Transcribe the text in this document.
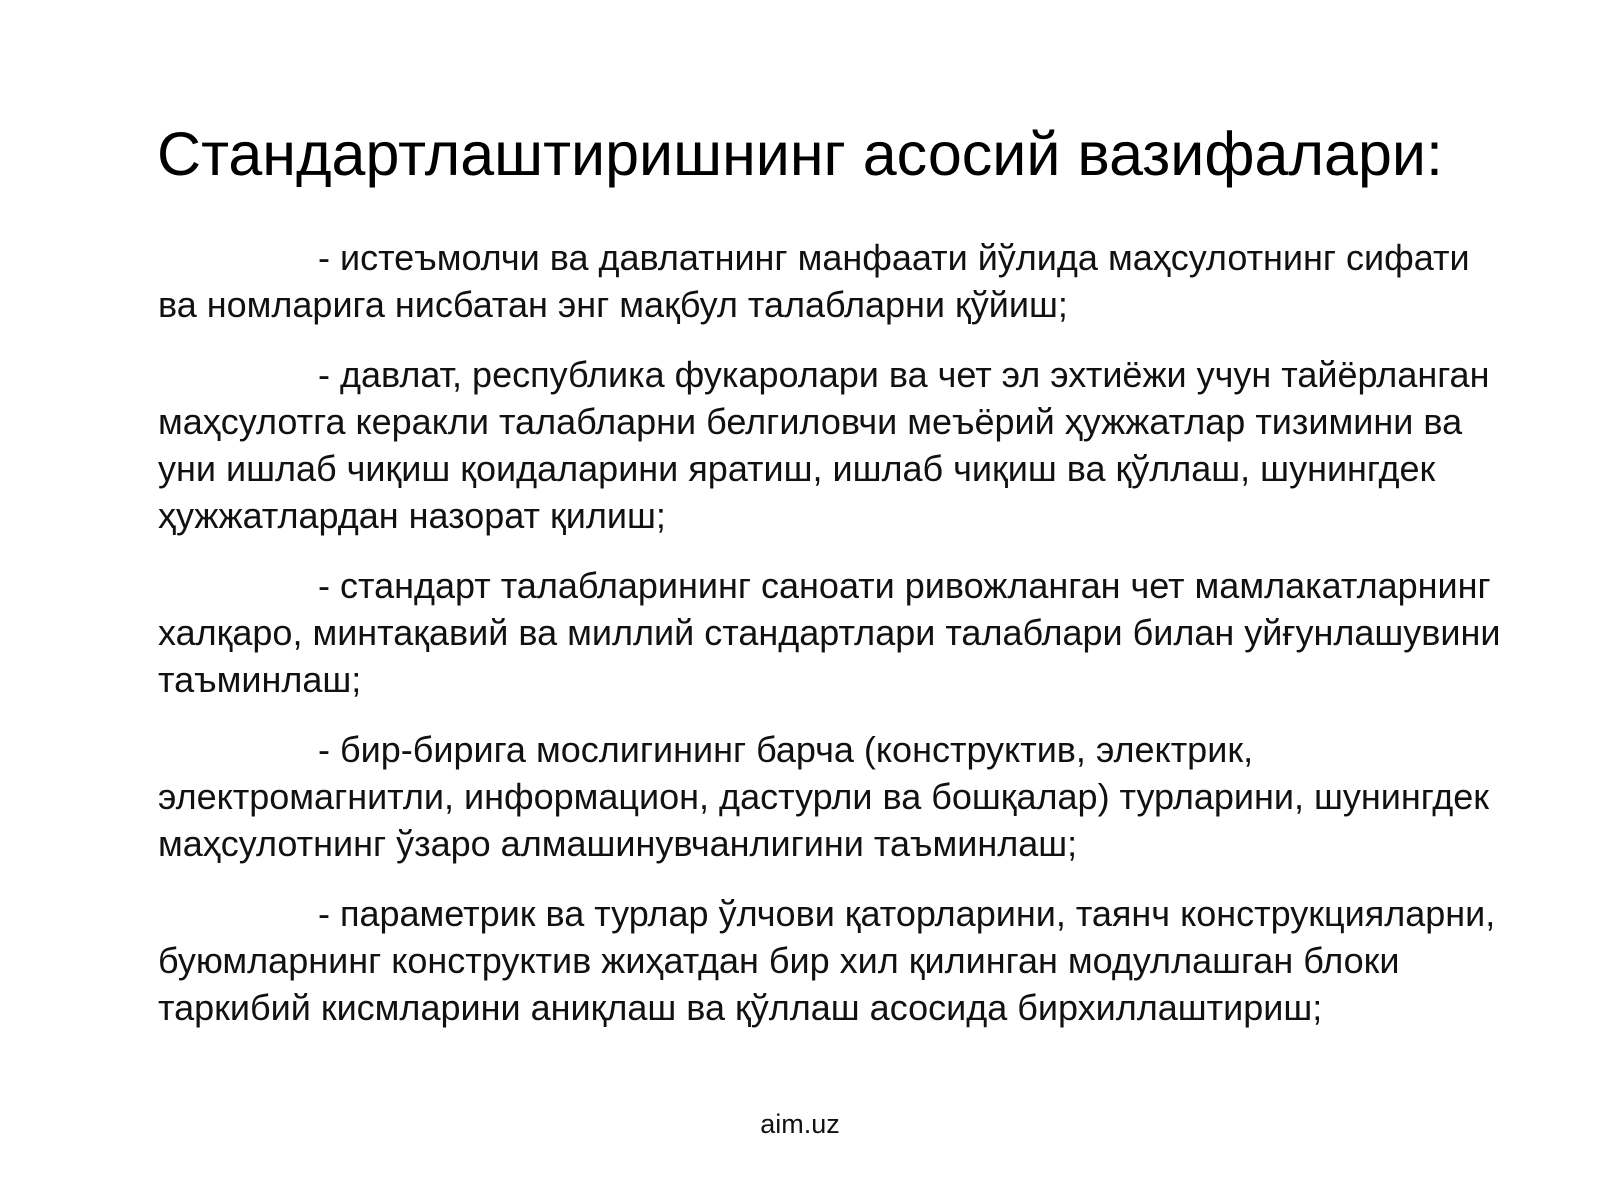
Стандартлаштиришнинг асосий вазифалари:
- истеъмолчи ва давлатнинг манфаати йўлида маҳсулотнинг сифати ва номларига нисбатан энг мақбул талабларни қўйиш;
- давлат, республика фукаролари ва чет эл эхтиёжи учун тайёрланган маҳсулотга керакли талабларни белгиловчи меъёрий ҳужжатлар тизимини ва уни ишлаб чиқиш қоидаларини яратиш, ишлаб чиқиш ва қўллаш, шунингдек ҳужжатлардан назорат қилиш;
- стандарт талабларининг саноати ривожланган чет мамлакатларнинг халқаро, минтақавий ва миллий стандартлари талаблари билан уйғунлашувини таъминлаш;
- бир-бирига мослигининг барча (конструктив, электрик, электромагнитли, информацион, дастурли ва бошқалар) турларини, шунингдек маҳсулотнинг ўзаро алмашинувчанлигини таъминлаш;
- параметрик ва турлар ўлчови қаторларини, таянч конструкцияларни, буюмларнинг конструктив жиҳатдан бир хил қилинган модуллашган блоки таркибий кисмларини аниқлаш ва қўллаш асосида бирхиллаштириш;
aim.uz
